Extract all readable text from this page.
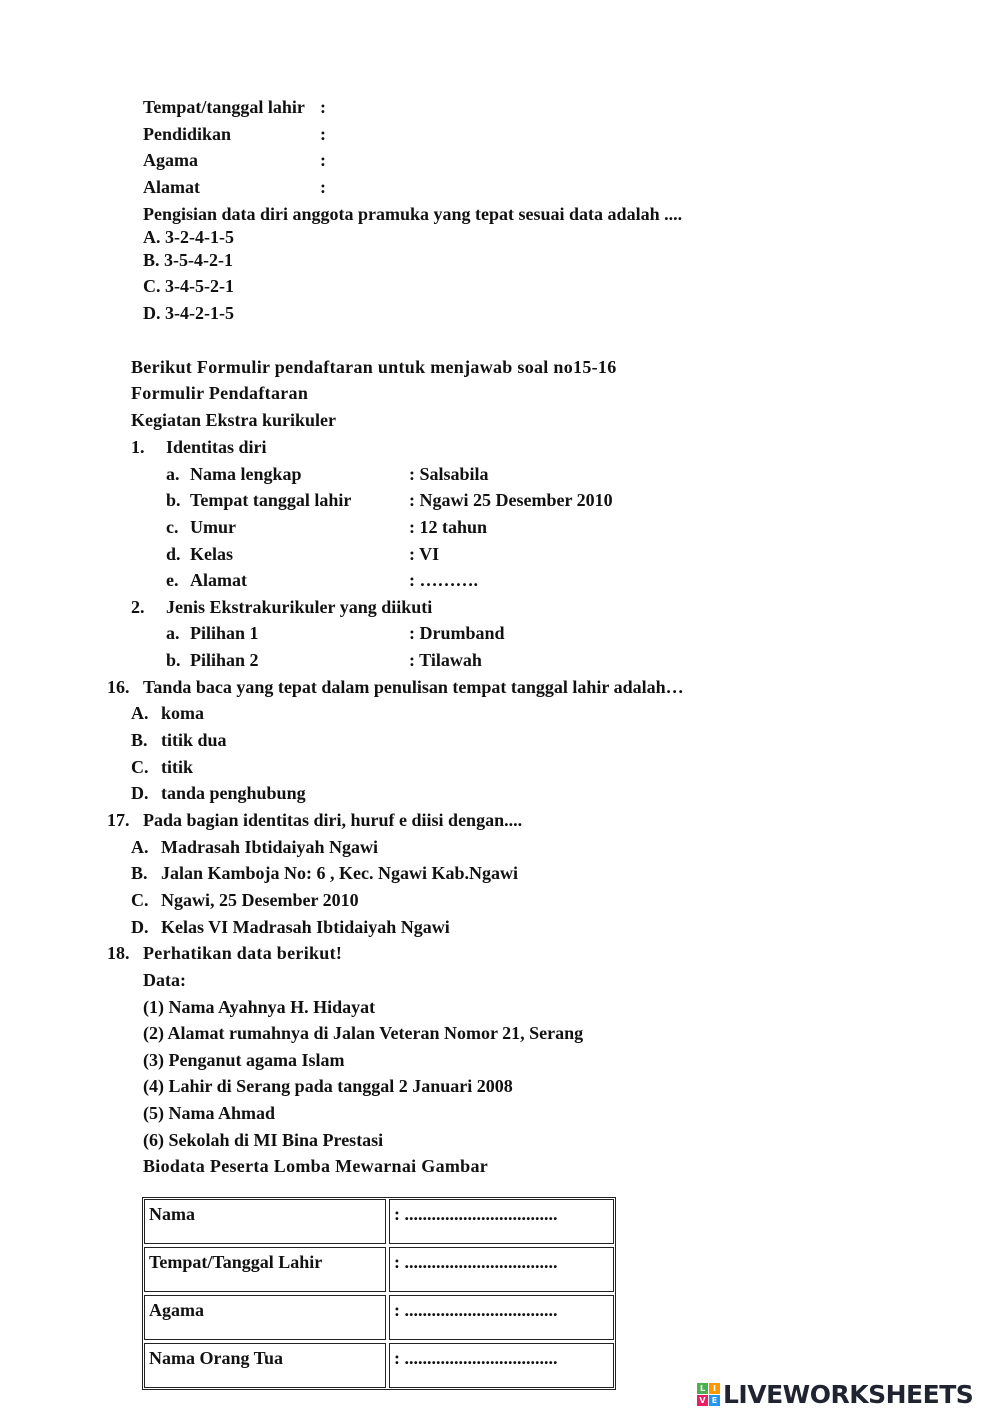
Tempat/tanggal lahir :
Pendidikan	:
Agama	:
Alamat	:
Pengisian data diri anggota pramuka yang tepat sesuai data adalah ....
A. 3-2-4-1-5
B. 3-5-4-2-1
C. 3-4-5-2-1
D. 3-4-2-1-5
Berikut Formulir pendaftaran untuk menjawab soal no15-16
Formulir Pendaftaran
Kegiatan Ekstra kurikuler
1. Identitas diri
a. Nama lengkap	: Salsabila
b. Tempat tanggal lahir	: Ngawi 25 Desember 2010
c. Umur	: 12 tahun
d. Kelas	: VI
e. Alamat	: ……….
2. Jenis Ekstrakurikuler yang diikuti
a. Pilihan 1	: Drumband
b. Pilihan 2	: Tilawah
16. Tanda baca yang tepat dalam penulisan tempat tanggal lahir adalah…
A. koma
B. titik dua
C. titik
D. tanda penghubung
17. Pada bagian identitas diri, huruf e diisi dengan....
A. Madrasah Ibtidaiyah Ngawi
B. Jalan Kamboja No: 6 , Kec. Ngawi Kab.Ngawi
C. Ngawi, 25 Desember 2010
D. Kelas VI Madrasah Ibtidaiyah Ngawi
18. Perhatikan data berikut!
Data:
(1) Nama Ayahnya H. Hidayat
(2) Alamat rumahnya di Jalan Veteran Nomor 21, Serang
(3) Penganut agama Islam
(4) Lahir di Serang pada tanggal 2 Januari 2008
(5) Nama Ahmad
(6) Sekolah di MI Bina Prestasi
Biodata Peserta Lomba Mewarnai Gambar
Nama	: ..................................
Tempat/Tanggal Lahir	: ..................................
Agama	: ..................................
Nama Orang Tua	: ..................................
L I
V E LIVEWORKSHEETS
